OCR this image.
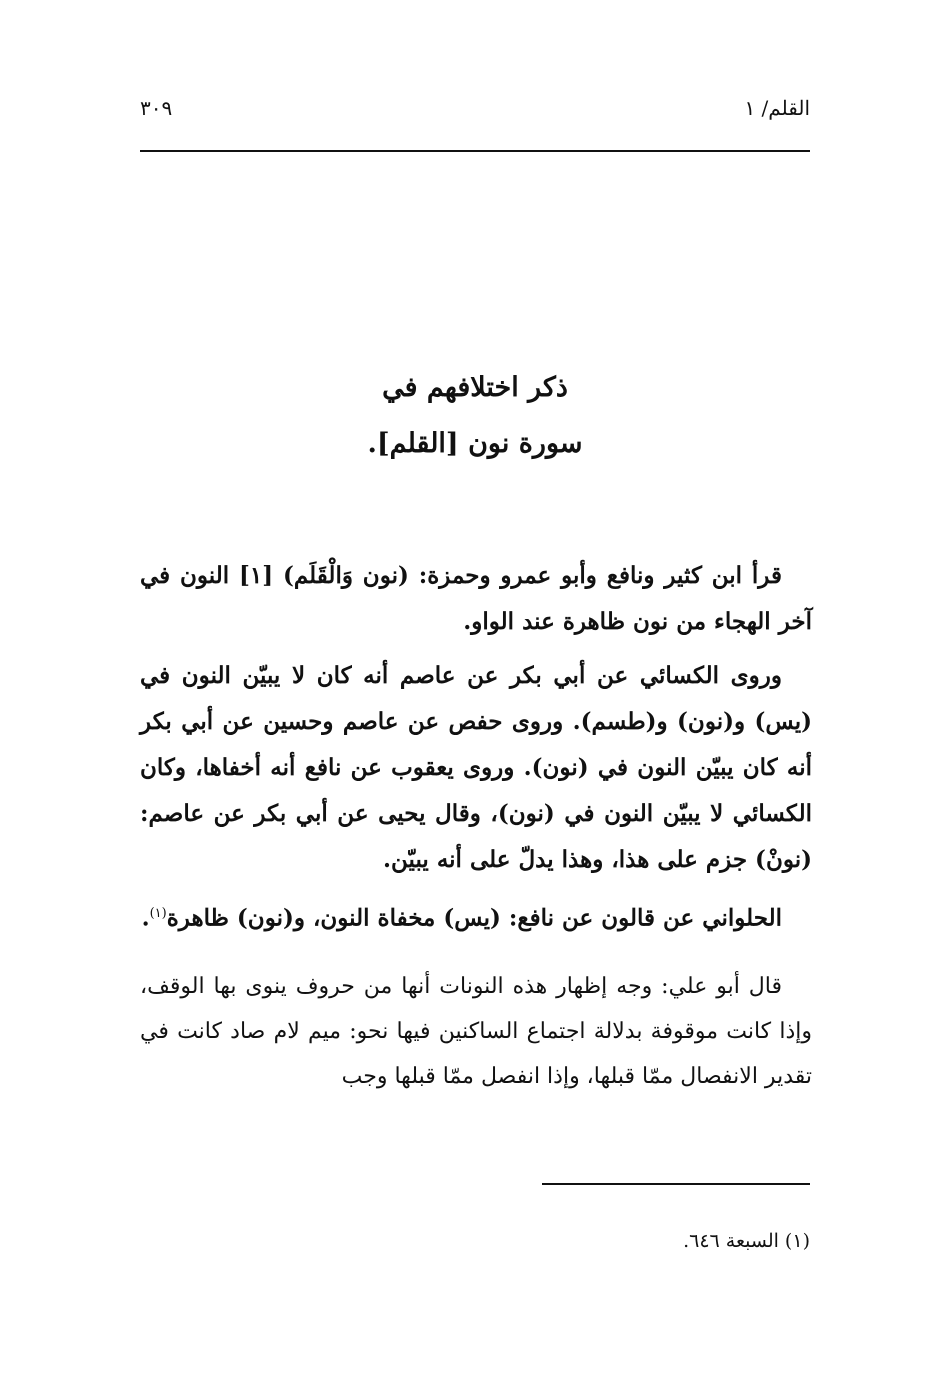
القلم/ ١
٣٠٩
ذكر اختلافهم في
سورة نون [القلم].

قرأ ابن كثير ونافع وأبو عمرو وحمزة: (نون وَالْقَلَم) [١] النون في آخر الهجاء من نون ظاهرة عند الواو.

وروى الكسائي عن أبي بكر عن عاصم أنه كان لا يبيّن النون في (يس) و(نون) و(طسم). وروى حفص عن عاصم وحسين عن أبي بكر أنه كان يبيّن النون في (نون). وروى يعقوب عن نافع أنه أخفاها، وكان الكسائي لا يبيّن النون في (نون)، وقال يحيى عن أبي بكر عن عاصم: (نونْ) جزم على هذا، وهذا يدلّ على أنه يبيّن.

الحلواني عن قالون عن نافع: (يس) مخفاة النون، و(نون) ظاهرة$^{(١)}$.

قال أبو علي: وجه إظهار هذه النونات أنها من حروف ينوى بها الوقف، وإذا كانت موقوفة بدلالة اجتماع الساكنين فيها نحو: ميم لام صاد كانت في تقدير الانفصال ممّا قبلها، وإذا انفصل ممّا قبلها وجب

(١) السبعة ٦٤٦.
